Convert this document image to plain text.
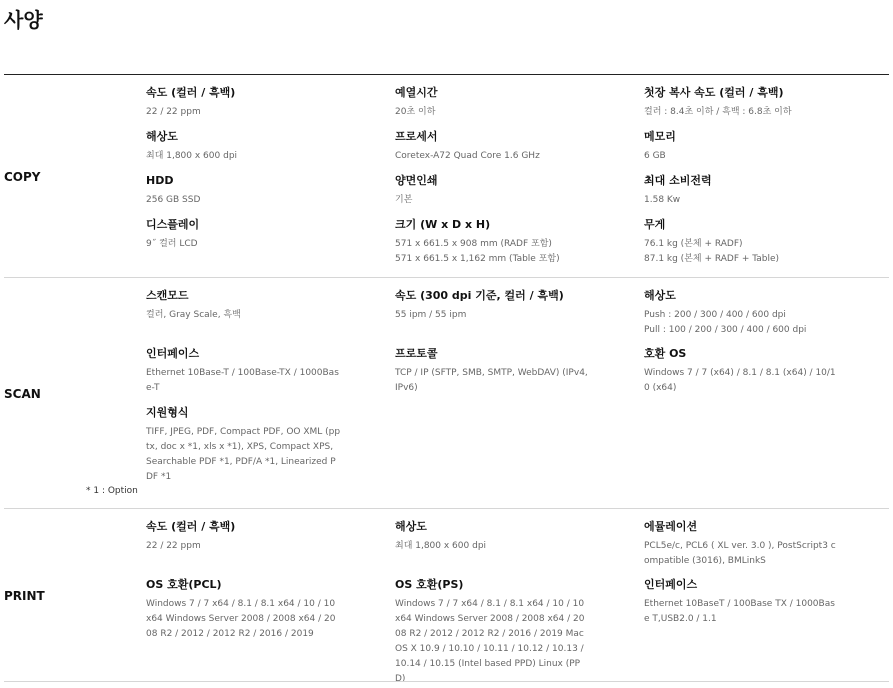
사양
COPY
속도 (컬러 / 흑백)
22 / 22 ppm
해상도
최대 1,800 x 600 dpi
HDD
256 GB SSD
디스플레이
9˝ 컬러 LCD
예열시간
20초 이하
프로세서
Coretex-A72 Quad Core 1.6 GHz
양면인쇄
기본
크기 (W x D x H)
571 x 661.5 x 908 mm (RADF 포함)
571 x 661.5 x 1,162 mm (Table 포함)
첫장 복사 속도 (컬러 / 흑백)
컬러 : 8.4초 이하 / 흑백 : 6.8초 이하
메모리
6 GB
최대 소비전력
1.58 Kw
무게
76.1 kg (본체 + RADF)
87.1 kg (본체 + RADF + Table)
SCAN
* 1 : Option
스캔모드
컬러, Gray Scale, 흑백
인터페이스
Ethernet 10Base-T / 100Base-TX / 1000Base-T
지원형식
TIFF, JPEG, PDF, Compact PDF, OO XML (pptx, doc x *1, xls x *1), XPS, Compact XPS, Searchable PDF *1, PDF/A *1, Linearized PDF *1
속도 (300 dpi 기준, 컬러 / 흑백)
55 ipm / 55 ipm
프로토콜
TCP / IP (SFTP, SMB, SMTP, WebDAV) (IPv4, IPv6)
해상도
Push : 200 / 300 / 400 / 600 dpi
Pull : 100 / 200 / 300 / 400 / 600 dpi
호환 OS
Windows 7 / 7 (x64) / 8.1 / 8.1 (x64) / 10/10 (x64)
PRINT
속도 (컬러 / 흑백)
22 / 22 ppm
OS 호환(PCL)
Windows 7 / 7 x64 / 8.1 / 8.1 x64 / 10 / 10 x64 Windows Server 2008 / 2008 x64 / 2008 R2 / 2012 / 2012 R2 / 2016 / 2019
해상도
최대 1,800 x 600 dpi
OS 호환(PS)
Windows 7 / 7 x64 / 8.1 / 8.1 x64 / 10 / 10 x64 Windows Server 2008 / 2008 x64 / 2008 R2 / 2012 / 2012 R2 / 2016 / 2019 Mac OS X 10.9 / 10.10 / 10.11 / 10.12 / 10.13 / 10.14 / 10.15 (Intel based PPD) Linux (PPD)
에뮬레이션
PCL5e/c, PCL6 ( XL ver. 3.0 ), PostScript3 compatible (3016), BMLinkS
인터페이스
Ethernet 10BaseT / 100Base TX / 1000Base T,USB2.0 / 1.1
